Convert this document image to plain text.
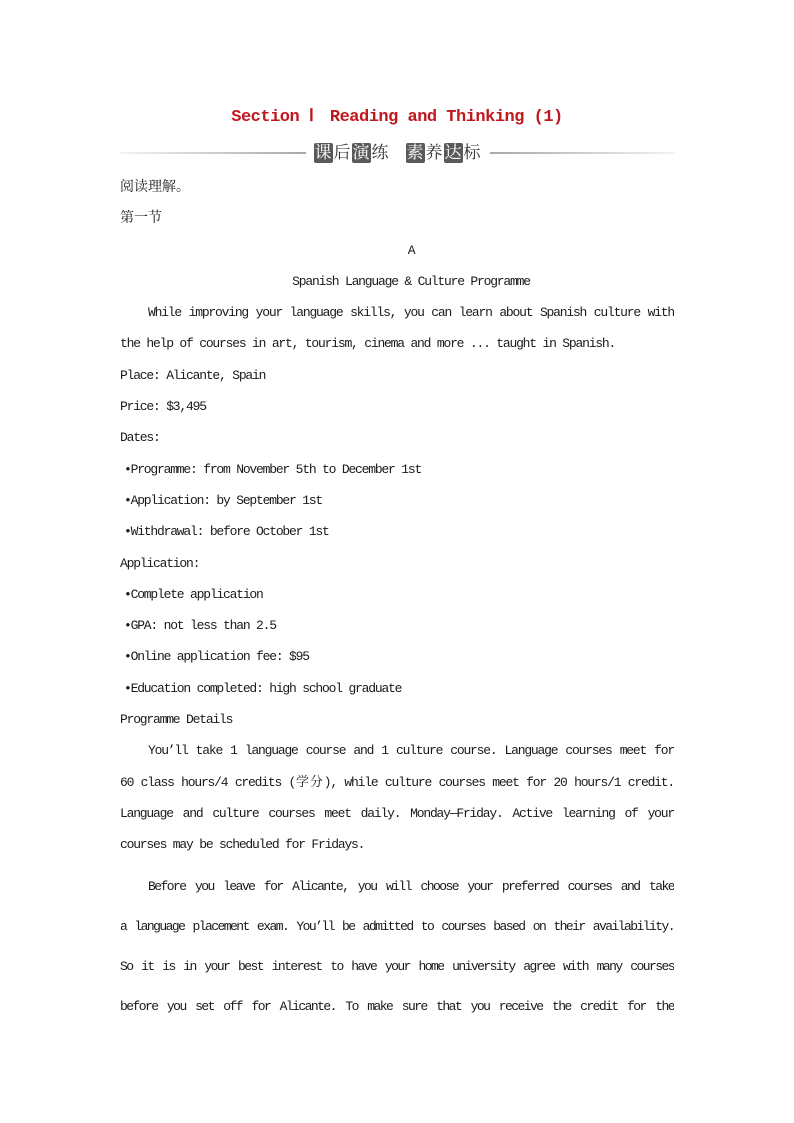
Section Ⅰ　Reading and Thinking (1)
课 后 演 练 素 养 达 标
阅读理解。
第一节
A
Spanish Language & Culture Programme
While improving your language skills, you can learn about Spanish culture with
the help of courses in art, tourism, cinema and more ... taught in Spanish.
Place: Alicante, Spain
Price: $3,495
Dates:
•Programme: from November 5th to December 1st
•Application: by September 1st
•Withdrawal: before October 1st
Application:
•Complete application
•GPA: not less than 2.5
•Online application fee: $95
•Education completed: high school graduate
Programme Details
You’ll take 1 language course and 1 culture course. Language courses meet for
60 class hours/4 credits (学分), while culture courses meet for 20 hours/1 credit.
Language and culture courses meet daily. Monday—Friday. Active learning of your
courses may be scheduled for Fridays.
Before you leave for Alicante, you will choose your preferred courses and take
a language placement exam. You’ll be admitted to courses based on their availability.
So it is in your best interest to have your home university agree with many courses
before you set off for Alicante. To make sure that you receive the credit for the
